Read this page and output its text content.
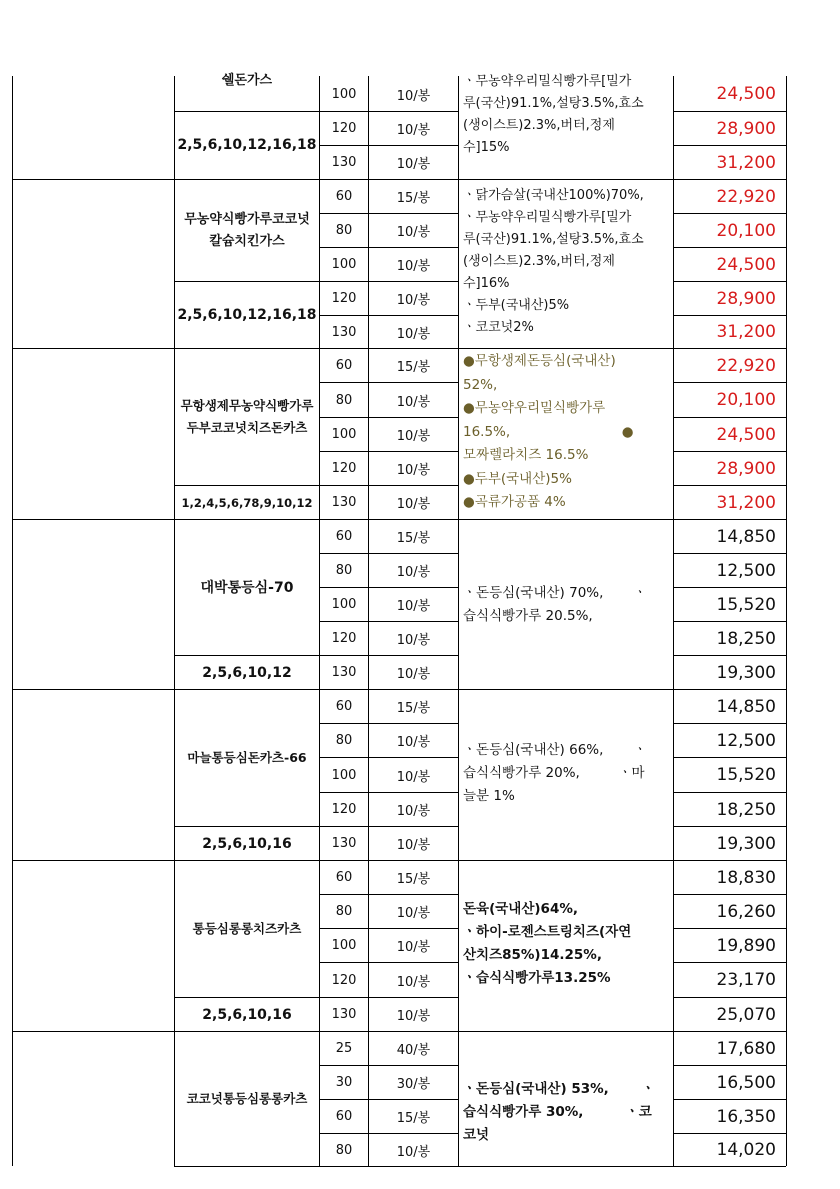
쉘돈가스
2,5,6,10,12,16,18
100	10/봉	24,500
120	10/봉	28,900
130	10/봉	31,200
ㆍ무농약우리밀식빵가루[밀가
루(국산)91.1%,설탕3.5%,효소
(생이스트)2.3%,버터,정제
수]15%
무농약식빵가루코코넛칼슘치킨가스
2,5,6,10,12,16,18
60	15/봉	22,920
80	10/봉	20,100
100	10/봉	24,500
120	10/봉	28,900
130	10/봉	31,200
ㆍ닭가슴살(국내산100%)70%,
ㆍ무농약우리밀식빵가루[밀가
루(국산)91.1%,설탕3.5%,효소
(생이스트)2.3%,버터,정제
수]16%
ㆍ두부(국내산)5%
ㆍ코코넛2%
무항생제무농약식빵가루두부코코넛치즈돈카츠
1,2,4,5,6,78,9,10,12
60	15/봉	22,920
80	10/봉	20,100
100	10/봉	24,500
120	10/봉	28,900
130	10/봉	31,200
●무항생제돈등심(국내산)
52%,
●무농약우리밀식빵가루
16.5%,                          ●
모짜렐라치즈 16.5%
●두부(국내산)5%
●곡류가공품 4%
대박통등심-70
2,5,6,10,12
60	15/봉	14,850
80	10/봉	12,500
100	10/봉	15,520
120	10/봉	18,250
130	10/봉	19,300
ㆍ돈등심(국내산) 70%,       ㆍ
습식식빵가루 20.5%,
마늘통등심돈카츠-66
2,5,6,10,16
60	15/봉	14,850
80	10/봉	12,500
100	10/봉	15,520
120	10/봉	18,250
130	10/봉	19,300
ㆍ돈등심(국내산) 66%,       ㆍ
습식식빵가루 20%,         ㆍ마
늘분 1%
통등심롱롱치즈카츠
2,5,6,10,16
60	15/봉	18,830
80	10/봉	16,260
100	10/봉	19,890
120	10/봉	23,170
130	10/봉	25,070
돈육(국내산)64%,
ㆍ하이-로젠스트링치즈(자연
산치즈85%)14.25%,
ㆍ습식식빵가루13.25%
코코넛통등심롱롱카츠
25	40/봉	17,680
30	30/봉	16,500
60	15/봉	16,350
80	10/봉	14,020
ㆍ돈등심(국내산) 53%,       ㆍ
습식식빵가루 30%,         ㆍ코
코넛
